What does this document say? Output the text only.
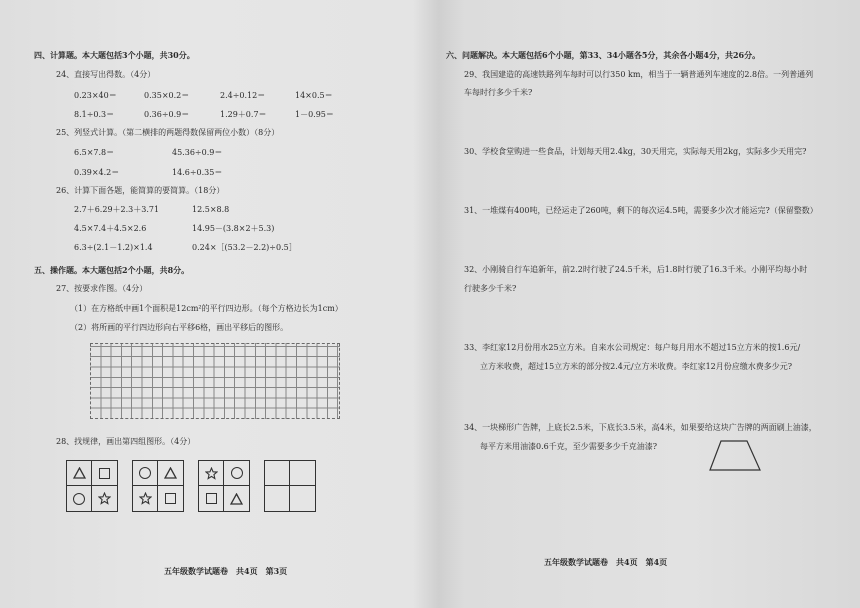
四、计算题。本大题包括3个小题，共30分。
24、直接写出得数。（4分）
0.23×40＝	0.35×0.2＝	2.4÷0.12＝	14×0.5＝
8.1÷0.3＝	0.36÷0.9＝	1.29＋0.7＝	1－0.95＝
25、列竖式计算。（第二横排的两题得数保留两位小数）（8分）
6.5×7.8＝	45.36÷0.9＝
0.39×4.2＝	14.6÷0.35＝
26、计算下面各题，能简算的要简算。（18分）
2.7＋6.29＋2.3＋3.71	12.5×8.8
4.5×7.4＋4.5×2.6	14.95－(3.8×2＋5.3)
6.3÷(2.1－1.2)×1.4	0.24×［(53.2－2.2)÷0.5］
五、操作题。本大题包括2个小题，共8分。
27、按要求作图。（4分）
（1）在方格纸中画1个面积是12cm²的平行四边形。（每个方格边长为1cm）
（2）将所画的平行四边形向右平移6格，画出平移后的图形。
28、找规律，画出第四组图形。（4分）
五年级数学试题卷　共4页　第3页
六、问题解决。本大题包括6个小题，第33、34小题各5分，其余各小题4分，共26分。
29、我国建造的高速铁路列车每时可以行350 km，相当于一辆普通列车速度的2.8倍。一列普通列
车每时行多少千米?
30、学校食堂购进一些食品，计划每天用2.4kg，30天用完，实际每天用2kg，实际多少天用完?
31、一堆煤有400吨，已经运走了260吨，剩下的每次运4.5吨，需要多少次才能运完?（保留整数）
32、小刚骑自行车追新年，前2.2时行驶了24.5千米，后1.8时行驶了16.3千米。小刚平均每小时
行驶多少千米?
33、李红家12月份用水25立方米。自来水公司规定：每户每月用水不超过15立方米的按1.6元/
立方米收费，超过15立方米的部分按2.4元/立方米收费。李红家12月份应缴水费多少元?
34、一块梯形广告牌，上底长2.5米，下底长3.5米，高4米，如果要给这块广告牌的两面刷上油漆，
每平方米用油漆0.6千克，至少需要多少千克油漆?
五年级数学试题卷　共4页　第4页
